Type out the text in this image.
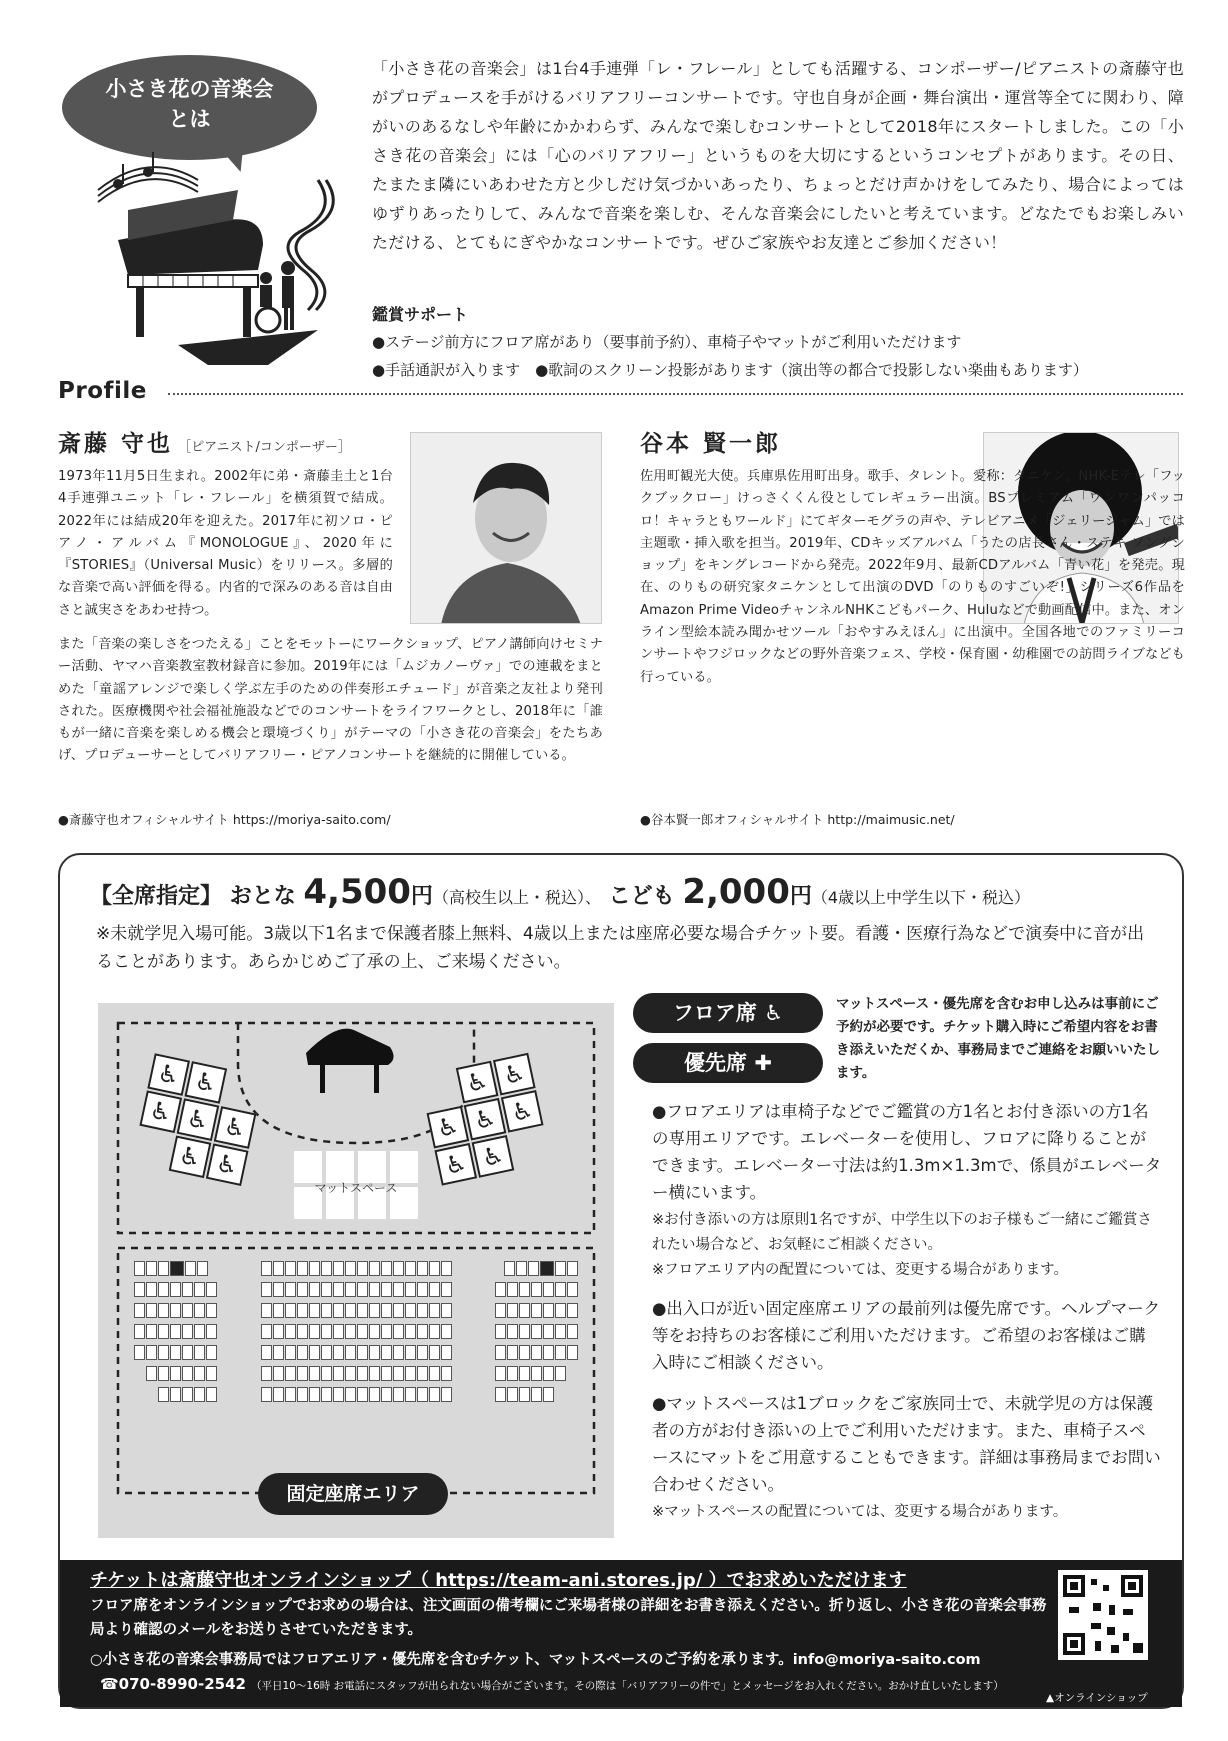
小さき花の音楽会
とは
「小さき花の音楽会」は1台4手連弾「レ・フレール」としても活躍する、コンポーザー/ピアニストの斎藤守也がプロデュースを手がけるバリアフリーコンサートです。守也自身が企画・舞台演出・運営等全てに関わり、障がいのあるなしや年齢にかかわらず、みんなで楽しむコンサートとして2018年にスタートしました。この「小さき花の音楽会」には「心のバリアフリー」というものを大切にするというコンセプトがあります。その日、たまたま隣にいあわせた方と少しだけ気づかいあったり、ちょっとだけ声かけをしてみたり、場合によってはゆずりあったりして、みんなで音楽を楽しむ、そんな音楽会にしたいと考えています。どなたでもお楽しみいただける、とてもにぎやかなコンサートです。ぜひご家族やお友達とご参加ください！
鑑賞サポート
●ステージ前方にフロア席があり（要事前予約）、車椅子やマットがご利用いただけます
●手話通訳が入ります　●歌詞のスクリーン投影があります（演出等の都合で投影しない楽曲もあります）
Profile
斎藤 守也 ［ピアニスト/コンポーザー］
1973年11月5日生まれ。2002年に弟・斎藤圭土と1台4手連弾ユニット「レ・フレール」を横須賀で結成。2022年には結成20年を迎えた。2017年に初ソロ・ピアノ・アルバム『MONOLOGUE』、2020年に『STORIES』（Universal Music）をリリース。多層的な音楽で高い評価を得る。内省的で深みのある音は自由さと誠実さをあわせ持つ。
また「音楽の楽しさをつたえる」ことをモットーにワークショップ、ピアノ講師向けセミナー活動、ヤマハ音楽教室教材録音に参加。2019年には「ムジカノーヴァ」での連載をまとめた「童謡アレンジで楽しく学ぶ左手のための伴奏形エチュード」が音楽之友社より発刊された。医療機関や社会福祉施設などでのコンサートをライフワークとし、2018年に「誰もが一緒に音楽を楽しめる機会と環境づくり」がテーマの「小さき花の音楽会」をたちあげ、プロデューサーとしてバリアフリー・ピアノコンサートを継続的に開催している。
●斎藤守也オフィシャルサイト https://moriya-saito.com/
谷本 賢一郎
佐用町観光大使。兵庫県佐用町出身。歌手、タレント。愛称：タニケン。NHK-Eテレ「フックブックロー」けっさくくん役としてレギュラー出演。BSプレミアム「ワンワンパッコロ！キャラともワールド」にてギターモグラの声や、テレビアニメ「ジェリージャム」では主題歌・挿入歌を担当。2019年、CDキッズアルバム「うたの店長さん・ステキ ソングショップ」をキングレコードから発売。2022年9月、最新CDアルバム「青い花」を発売。現在、のりもの研究家タニケンとして出演のDVD「のりものすごいぞ!」シリーズ6作品をAmazon Prime VideoチャンネルNHKこどもパーク、Huluなどで動画配信中。また、オンライン型絵本読み聞かせツール「おやすみえほん」に出演中。全国各地でのファミリーコンサートやフジロックなどの野外音楽フェス、学校・保育園・幼稚園での訪問ライブなども行っている。
●谷本賢一郎オフィシャルサイト http://maimusic.net/
【全席指定】 おとな 4,500円（高校生以上・税込）、 こども 2,000円（4歳以上中学生以下・税込）
※未就学児入場可能。3歳以下1名まで保護者膝上無料、4歳以上または座席必要な場合チケット要。看護・医療行為などで演奏中に音が出ることがあります。あらかじめご了承の上、ご来場ください。
♿ ♿
♿ ♿ ♿
♿ ♿
♿ ♿
♿ ♿ ♿
♿ ♿
マットスペース
固定座席エリア
フロア席 ♿
優先席 ✚
マットスペース・優先席を含むお申し込みは事前にご予約が必要です。チケット購入時にご希望内容をお書き添えいただくか、事務局までご連絡をお願いいたします。
●フロアエリアは車椅子などでご鑑賞の方1名とお付き添いの方1名の専用エリアです。エレベーターを使用し、フロアに降りることができます。エレベーター寸法は約1.3m×1.3mで、係員がエレベーター横にいます。
※お付き添いの方は原則1名ですが、中学生以下のお子様もご一緒にご鑑賞されたい場合など、お気軽にご相談ください。
※フロアエリア内の配置については、変更する場合があります。
●出入口が近い固定座席エリアの最前列は優先席です。ヘルプマーク等をお持ちのお客様にご利用いただけます。ご希望のお客様はご購入時にご相談ください。
●マットスペースは1ブロックをご家族同士で、未就学児の方は保護者の方がお付き添いの上でご利用いただけます。また、車椅子スペースにマットをご用意することもできます。詳細は事務局までお問い合わせください。
※マットスペースの配置については、変更する場合があります。
チケットは斎藤守也オンラインショップ（ https://team-ani.stores.jp/ ）でお求めいただけます
フロア席をオンラインショップでお求めの場合は、注文画面の備考欄にご来場者様の詳細をお書き添えください。折り返し、小さき花の音楽会事務局より確認のメールをお送りさせていただきます。
○小さき花の音楽会事務局ではフロアエリア・優先席を含むチケット、マットスペースのご予約を承ります。info@moriya-saito.com
☎070-8990-2542 （平日10〜16時 お電話にスタッフが出られない場合がございます。その際は「バリアフリーの件で」とメッセージをお入れください。おかけ直しいたします）
▲オンラインショップ
